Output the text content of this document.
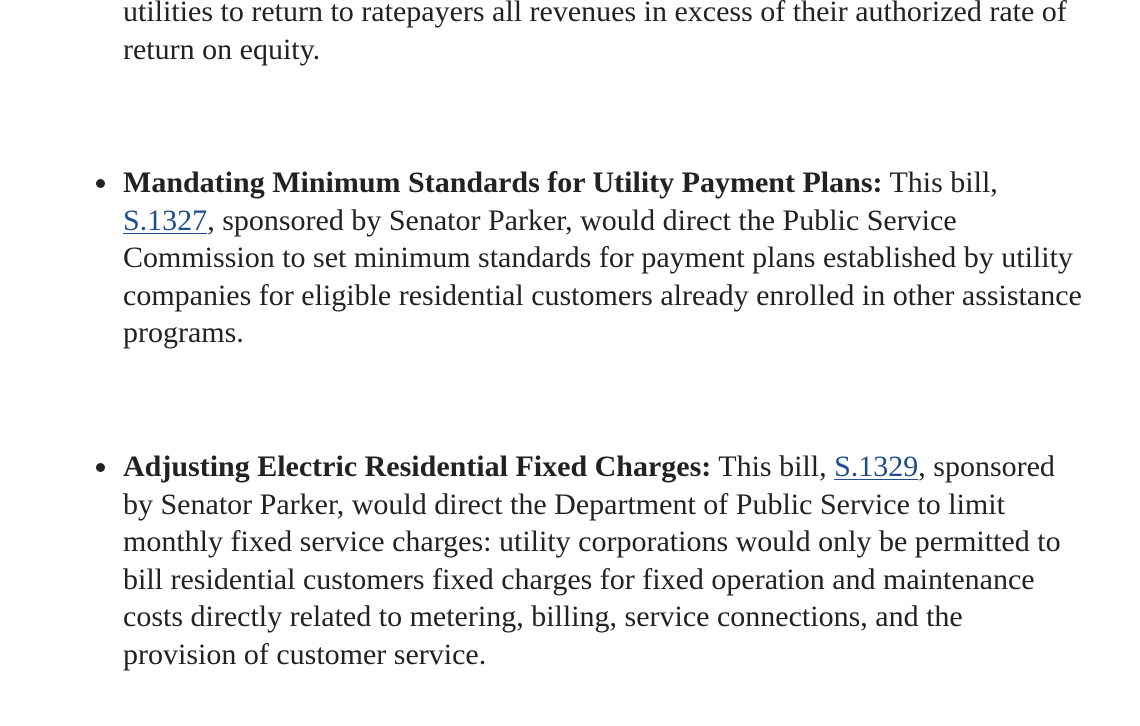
utilities to return to ratepayers all revenues in excess of their authorized rate of return on equity.

Mandating Minimum Standards for Utility Payment Plans: This bill, S.1327, sponsored by Senator Parker, would direct the Public Service Commission to set minimum standards for payment plans established by utility companies for eligible residential customers already enrolled in other assistance programs.
Adjusting Electric Residential Fixed Charges: This bill, S.1329, sponsored by Senator Parker, would direct the Department of Public Service to limit monthly fixed service charges: utility corporations would only be permitted to bill residential customers fixed charges for fixed operation and maintenance costs directly related to metering, billing, service connections, and the provision of customer service.
